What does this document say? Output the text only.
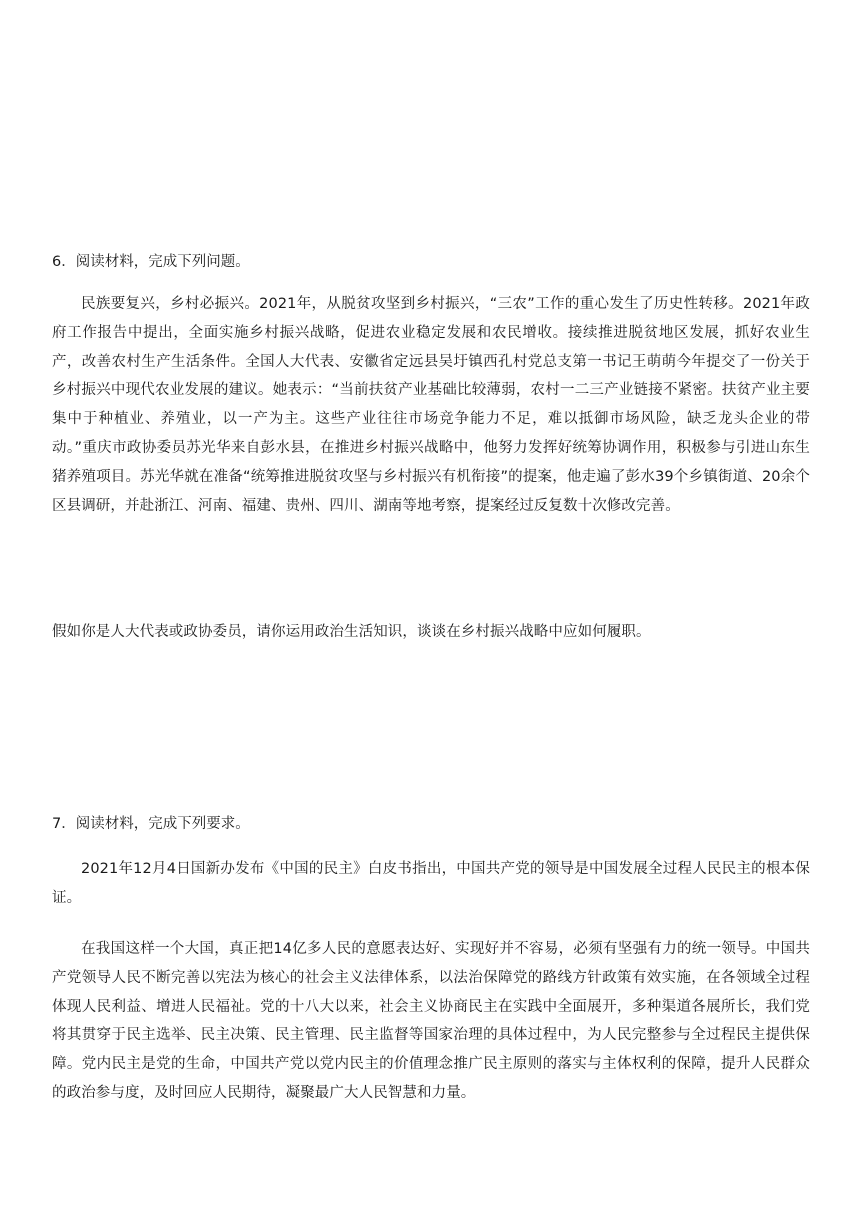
6．阅读材料，完成下列问题。

民族要复兴，乡村必振兴。2021年，从脱贫攻坚到乡村振兴，“三农”工作的重心发生了历史性转移。2021年政府工作报告中提出，全面实施乡村振兴战略，促进农业稳定发展和农民增收。接续推进脱贫地区发展，抓好农业生产，改善农村生产生活条件。全国人大代表、安徽省定远县吴圩镇西孔村党总支第一书记王萌萌今年提交了一份关于乡村振兴中现代农业发展的建议。她表示：“当前扶贫产业基础比较薄弱，农村一二三产业链接不紧密。扶贫产业主要集中于种植业、养殖业，以一产为主。这些产业往往市场竞争能力不足，难以抵御市场风险，缺乏龙头企业的带动。”重庆市政协委员苏光华来自彭水县，在推进乡村振兴战略中，他努力发挥好统筹协调作用，积极参与引进山东生猪养殖项目。苏光华就在准备“统筹推进脱贫攻坚与乡村振兴有机衔接”的提案，他走遍了彭水39个乡镇街道、20余个区县调研，并赴浙江、河南、福建、贵州、四川、湖南等地考察，提案经过反复数十次修改完善。

假如你是人大代表或政协委员，请你运用政治生活知识，谈谈在乡村振兴战略中应如何履职。

7．阅读材料，完成下列要求。

2021年12月4日国新办发布《中国的民主》白皮书指出，中国共产党的领导是中国发展全过程人民民主的根本保证。

在我国这样一个大国，真正把14亿多人民的意愿表达好、实现好并不容易，必须有坚强有力的统一领导。中国共产党领导人民不断完善以宪法为核心的社会主义法律体系，以法治保障党的路线方针政策有效实施，在各领域全过程体现人民利益、增进人民福祉。党的十八大以来，社会主义协商民主在实践中全面展开，多种渠道各展所长，我们党将其贯穿于民主选举、民主决策、民主管理、民主监督等国家治理的具体过程中，为人民完整参与全过程民主提供保障。党内民主是党的生命，中国共产党以党内民主的价值理念推广民主原则的落实与主体权利的保障，提升人民群众的政治参与度，及时回应人民期待，凝聚最广大人民智慧和力量。
